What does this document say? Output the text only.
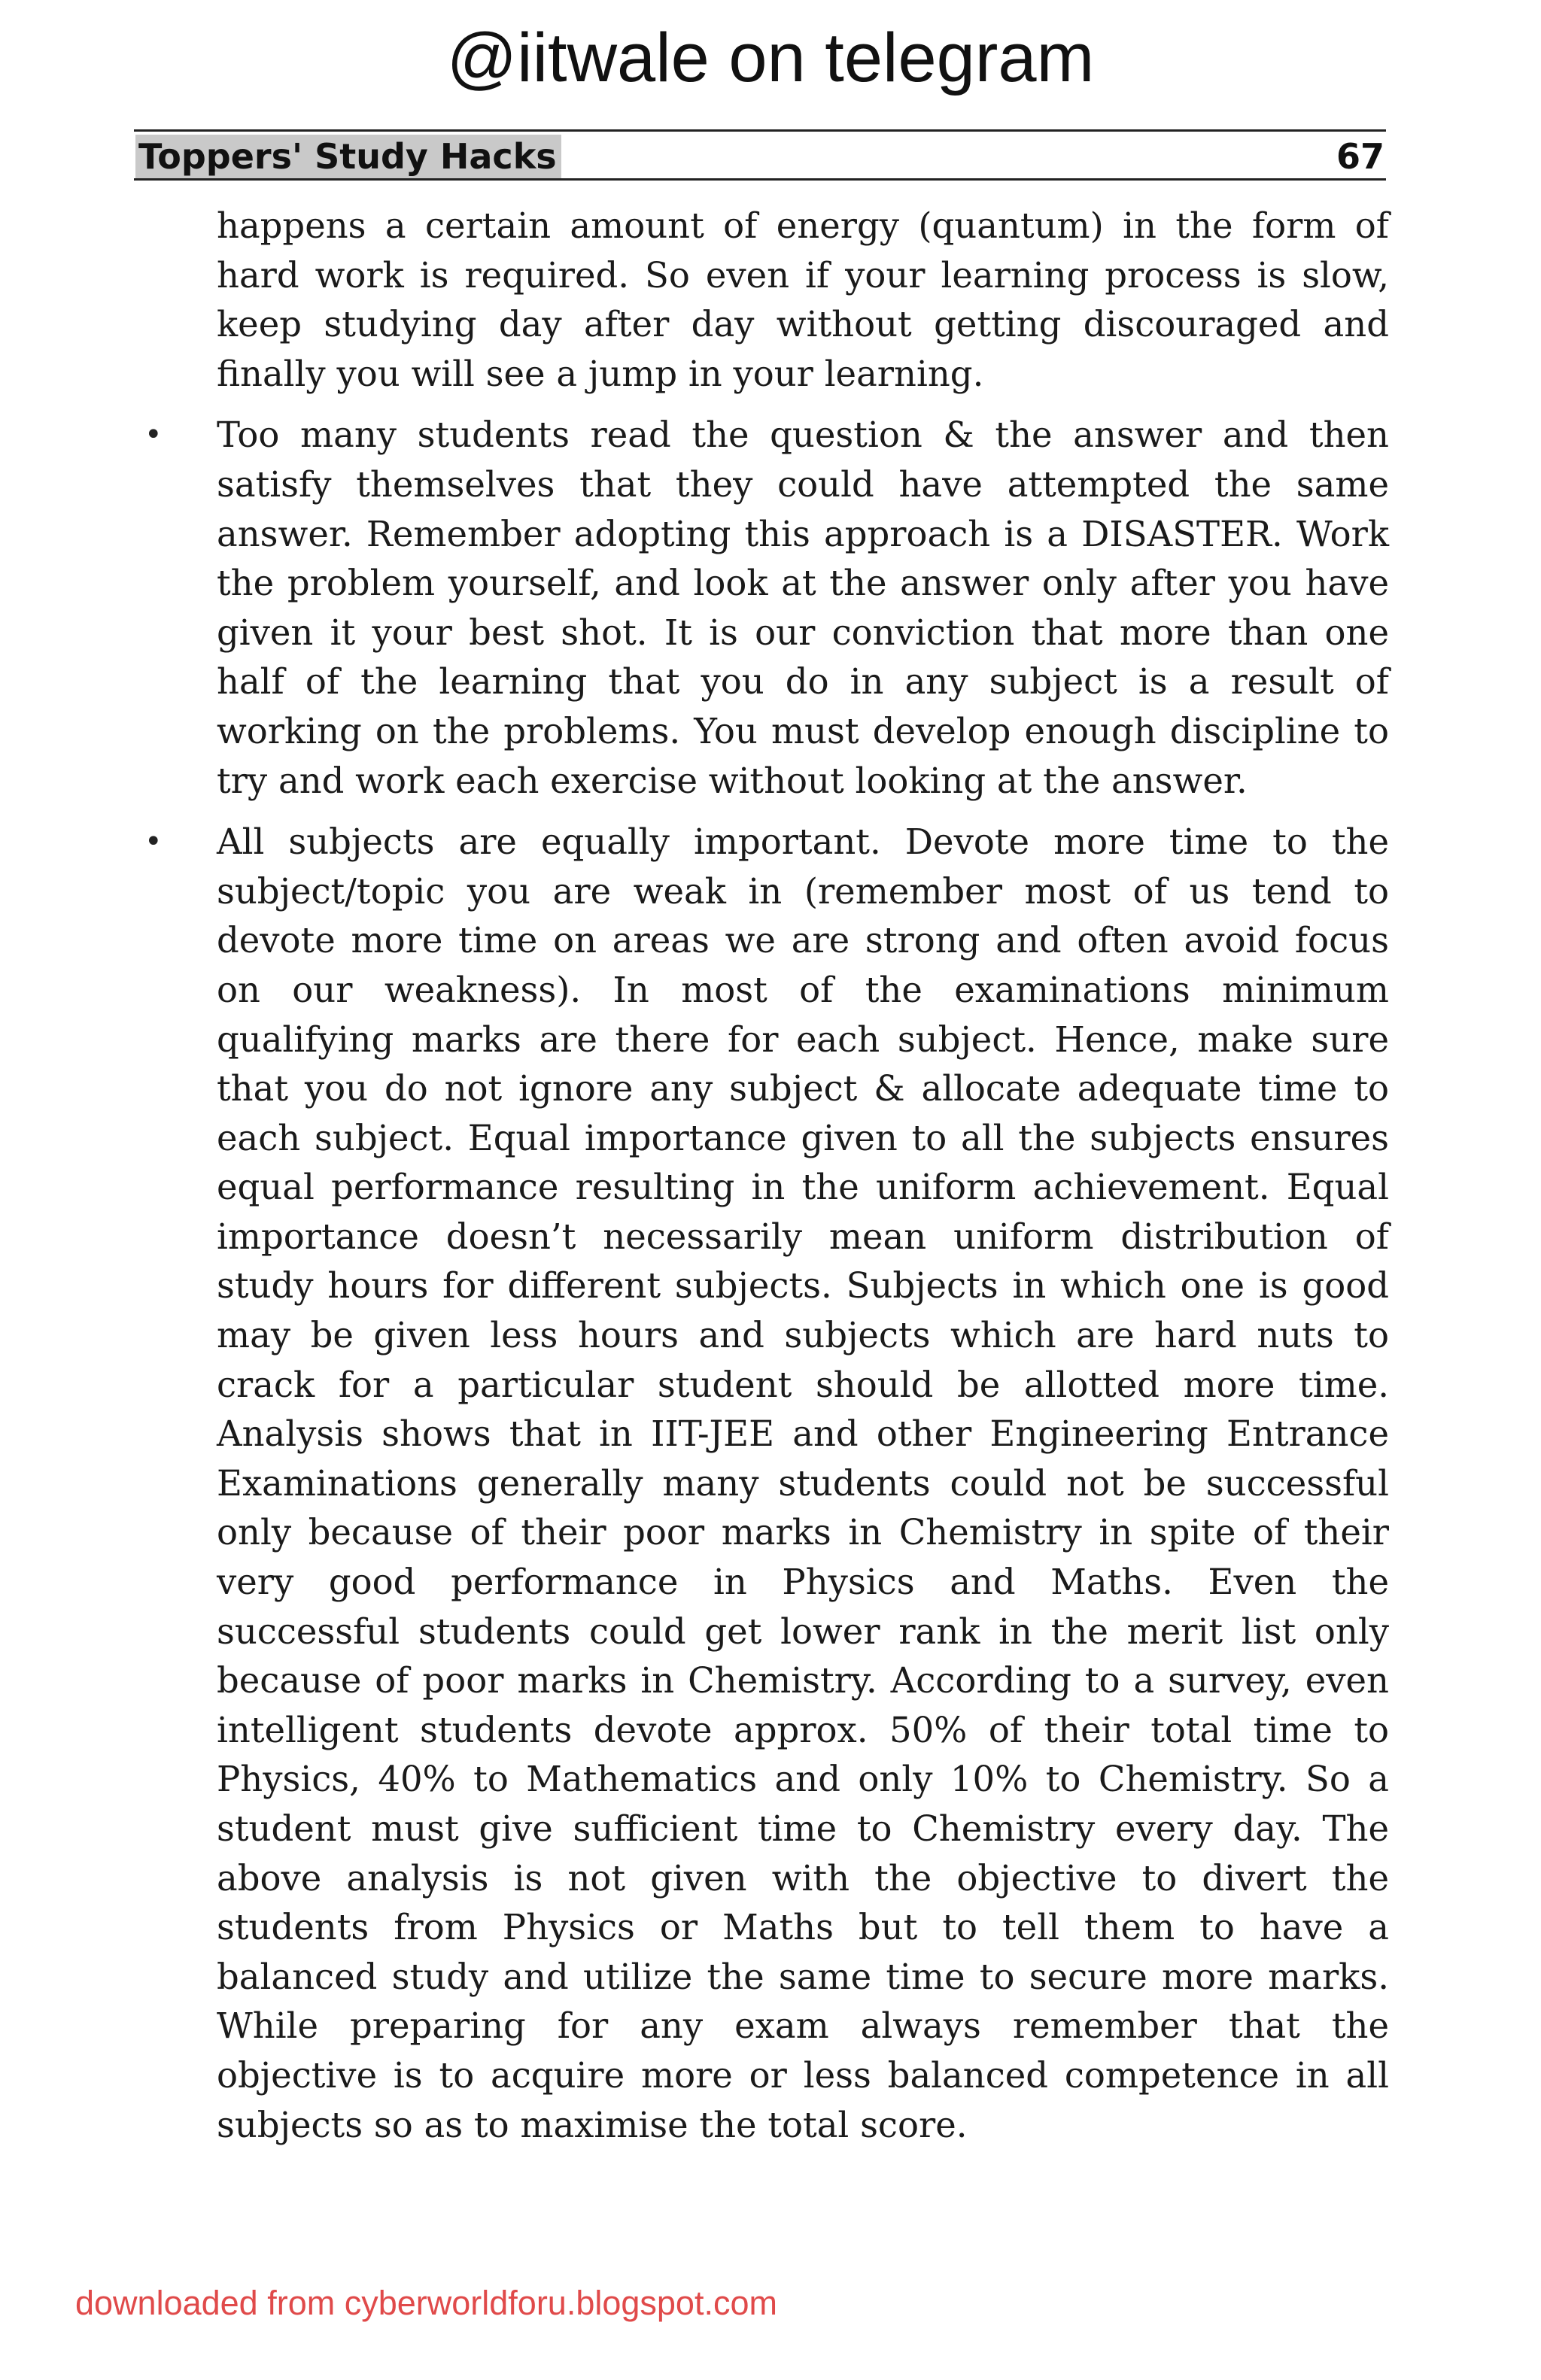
@iitwale on telegram
Toppers' Study Hacks	67

happens a certain amount of energy (quantum) in the form of hard work is required. So even if your learning process is slow, keep studying day after day without getting discouraged and finally you will see a jump in your learning.

• Too many students read the question & the answer and then satisfy themselves that they could have attempted the same answer. Remember adopting this approach is a DISASTER. Work the problem yourself, and look at the answer only after you have given it your best shot. It is our conviction that more than one half of the learning that you do in any subject is a result of working on the problems. You must develop enough discipline to try and work each exercise without looking at the answer.

• All subjects are equally important. Devote more time to the subject/topic you are weak in (remember most of us tend to devote more time on areas we are strong and often avoid focus on our weakness). In most of the examinations minimum qualifying marks are there for each subject. Hence, make sure that you do not ignore any subject & allocate adequate time to each subject. Equal importance given to all the subjects ensures equal performance resulting in the uniform achievement. Equal importance doesn’t necessarily mean uniform distribution of study hours for different subjects. Subjects in which one is good may be given less hours and subjects which are hard nuts to crack for a particular student should be allotted more time. Analysis shows that in IIT-JEE and other Engineering Entrance Examinations generally many students could not be successful only because of their poor marks in Chemistry in spite of their very good performance in Physics and Maths. Even the successful students could get lower rank in the merit list only because of poor marks in Chemistry. According to a survey, even intelligent students devote approx. 50% of their total time to Physics, 40% to Mathematics and only 10% to Chemistry. So a student must give sufficient time to Chemistry every day. The above analysis is not given with the objective to divert the students from Physics or Maths but to tell them to have a balanced study and utilize the same time to secure more marks. While preparing for any exam always remember that the objective is to acquire more or less balanced competence in all subjects so as to maximise the total score.

downloaded from cyberworldforu.blogspot.com
